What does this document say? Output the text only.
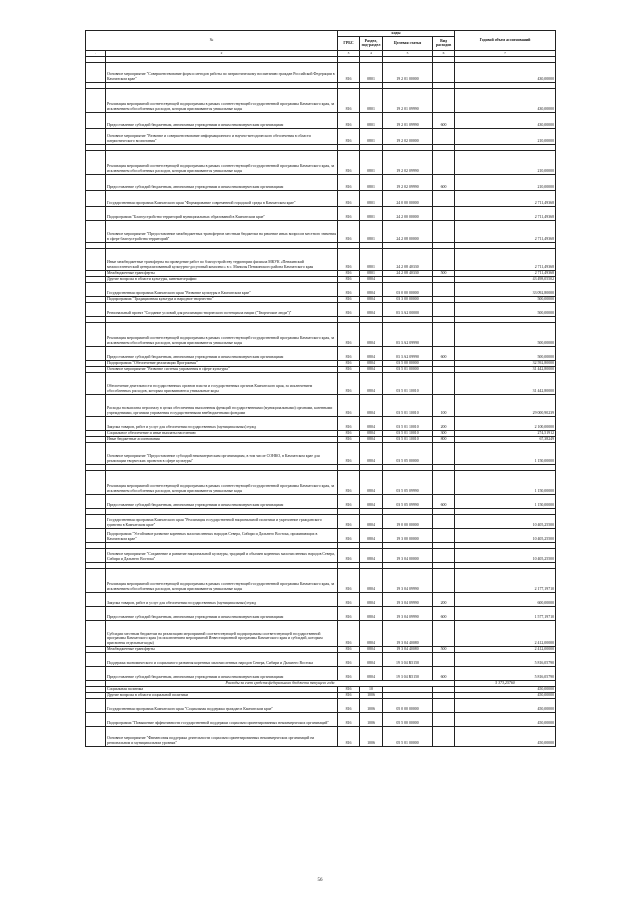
№		коды				Годовой объем ассигнований
		ГРБС	Раздел, под-раздел	Целевая статья	Вид расходов	
.	2	3	4	5	6	7

	Основное мероприятие "Совершенствование форм и методов работы по патриотическому воспитанию граждан Российской Федерации в Камчатском крае"	816	0801	19 2 01 00000		430,00000

	Реализация мероприятий соответствующей подпрограммы в рамках соответствующей государственной программы Камчатского края, за исключением обособленных расходов, которым присваиваются уникальные коды	816	0801	19 2 01 09990		430,00000
	Предоставление субсидий бюджетным, автономным учреждениям и иным некоммерческим организациям	816	0801	19 2 01 09990	600	430,00000
	Основное мероприятие "Развитие и совершенствование информационного и научно-методического обеспечения в области патриотического воспитания"	816	0801	19 2 02 00000		210,00000

	Реализация мероприятий соответствующей подпрограммы в рамках соответствующей государственной программы Камчатского края, за исключением обособленных расходов, которым присваиваются уникальные коды	816	0801	19 2 02 09990		210,00000
	Предоставление субсидий бюджетным, автономным учреждениям и иным некоммерческим организациям	816	0801	19 2 02 09990	600	210,00000
	Государственная программа Камчатского края "Формирование современной городской среды в Камчатском крае"	816	0801	24 0 00 00000		2 711,49368
	Подпрограмма "Благоустройство территорий муниципальных образований в Камчатском крае"	816	0801	24 2 00 00000		2 711,49368
	Основное мероприятие "Предоставление межбюджетных трансфертов местным бюджетам на решение иных вопросов местного значения в сфере благоустройства территорий"	816	0801	24 2 08 00000		2 711,49368

	Иные межбюджетные трансферты на проведение работ по благоустройству территории филиала МКУК «Пенжинский межпоселенческий централизованный культурно-досуговый комплекс» в с. Манилы Пенжинского района Камчатского края	816	0801	24 2 08 40330		2 711,49368
	Межбюджетные трансферты	816	0801	24 2 08 40330	500	2 711,49368
	Другие вопросы в области культуры, кинематографии	816	0804			43 498,05502
	Государственная программа Камчатского края "Развитие культуры в Камчатском крае"	816	0804	03 0 00 00000		33 092,80000
	Подпрограмма "Традиционная культура и народное творчество"	816	0804	03 3 00 00000		500,00000
	Региональный проект "Создание условий для реализации творческого потенциала нации ("Творческие люди")"	816	0804	03 3 A2 00000		500,00000

	Реализация мероприятий соответствующей подпрограммы в рамках соответствующей государственной программы Камчатского края, за исключением обособленных расходов, которым присваиваются уникальные коды	816	0804	03 3 A2 09990		500,00000
	Предоставление субсидий бюджетным, автономным учреждениям и иным некоммерческим организациям	816	0804	03 3 A2 09990	600	500,00000
	Подпрограмма "Обеспечение реализации Программы"	816	0804	03 5 00 00000		32 592,80000
	Основное мероприятие "Развитие системы управления в сфере культуры"	816	0804	03 5 01 00000		31 442,80000
	Обеспечение деятельности государственных органов власти и государственных органов Камчатского края, за исключением обособленных расходов, которым присваиваются уникальные коды	816	0804	03 5 01 10010		31 442,80000
	Расходы на выплаты персоналу в целях обеспечения выполнения функций государственными (муниципальными) органами, казенными учреждениями, органами управления государственными внебюджетными фондами	816	0804	03 5 01 10010	100	29 000,90239
	Закупка товаров, работ и услуг для обеспечения государственных (муниципальных) нужд	816	0804	03 5 01 10010	200	2 100,00000
	Социальное обеспечение и иные выплаты населению	816	0804	03 5 01 10010	300	274,51912
	Иные бюджетные ассигнования	816	0804	03 5 01 10010	800	67,38249
	Основное мероприятие "Предоставление субсидий некоммерческим организациям, в том числе СОНКО, в Камчатском крае для реализации творческих проектов в сфере культуры"	816	0804	03 5 05 00000		1 150,00000

	Реализация мероприятий соответствующей подпрограммы в рамках соответствующей государственной программы Камчатского края, за исключением обособленных расходов, которым присваиваются уникальные коды	816	0804	03 5 05 09990		1 150,00000
	Предоставление субсидий бюджетным, автономным учреждениям и иным некоммерческим организациям	816	0804	03 5 05 09990	600	1 150,00000

	Государственная программа Камчатского края "Реализация государственной национальной политики и укрепление гражданского единства в Камчатском крае"	816	0804	19 0 00 00000		10 405,25500
	Подпрограмма "Устойчивое развитие коренных малочисленных народов Севера, Сибири и Дальнего Востока, проживающих в Камчатском крае"	816	0804	19 3 00 00000		10 405,25500

	Основное мероприятие "Сохранение и развитие национальной культуры, традиций и обычаев коренных малочисленных народов Севера, Сибири и Дальнего Востока"	816	0804	19 3 04 00000		10 405,25500

	Реализация мероприятий соответствующей подпрограммы в рамках соответствующей государственной программы Камчатского края, за исключением обособленных расходов, которым присваиваются уникальные коды	816	0804	19 3 04 09990		2 177,19710
	Закупка товаров, работ и услуг для обеспечения государственных (муниципальных) нужд	816	0804	19 3 04 09990	200	600,00000
	Предоставление субсидий бюджетным, автономным учреждениям и иным некоммерческим организациям	816	0804	19 3 04 09990	600	1 577,19710
	Субсидии местным бюджетам на реализацию мероприятий соответствующей подпрограммы соответствующей государственной программы Камчатского края (за исключением мероприятий Инвестиционной программы Камчатского края и субсидий, которым присвоены отдельные коды)	816	0804	19 3 04 40080		2 412,00000
	Межбюджетные трансферты	816	0804	19 3 04 40080	500	2 412,00000
	Поддержка экономического и социального развития коренных малочисленных народов Севера, Сибири и Дальнего Востока	816	0804	19 3 04 R5150		5 816,05790
	Предоставление субсидий бюджетным, автономным учреждениям и иным некоммерческим организациям	816	0804	19 3 04 R5150	600	5 816,05790
	Расходы за счет средств федерального бюджета текущего года					5 373,25760
	Социальная политика	816	10			450,00000
	Другие вопросы в области социальной политики	816	1006			450,00000
	Государственная программа Камчатского края "Социальная поддержка граждан в Камчатском крае"	816	1006	05 0 00 00000		450,00000
	Подпрограмма "Повышение эффективности государственной поддержки социально ориентированных некоммерческих организаций"	816	1006	05 5 00 00000		450,00000
	Основное мероприятие "Финансовая поддержка деятельности социально ориентированных некоммерческих организаций на региональном и муниципальном уровнях"	816	1006	05 5 01 00000		450,00000
56
